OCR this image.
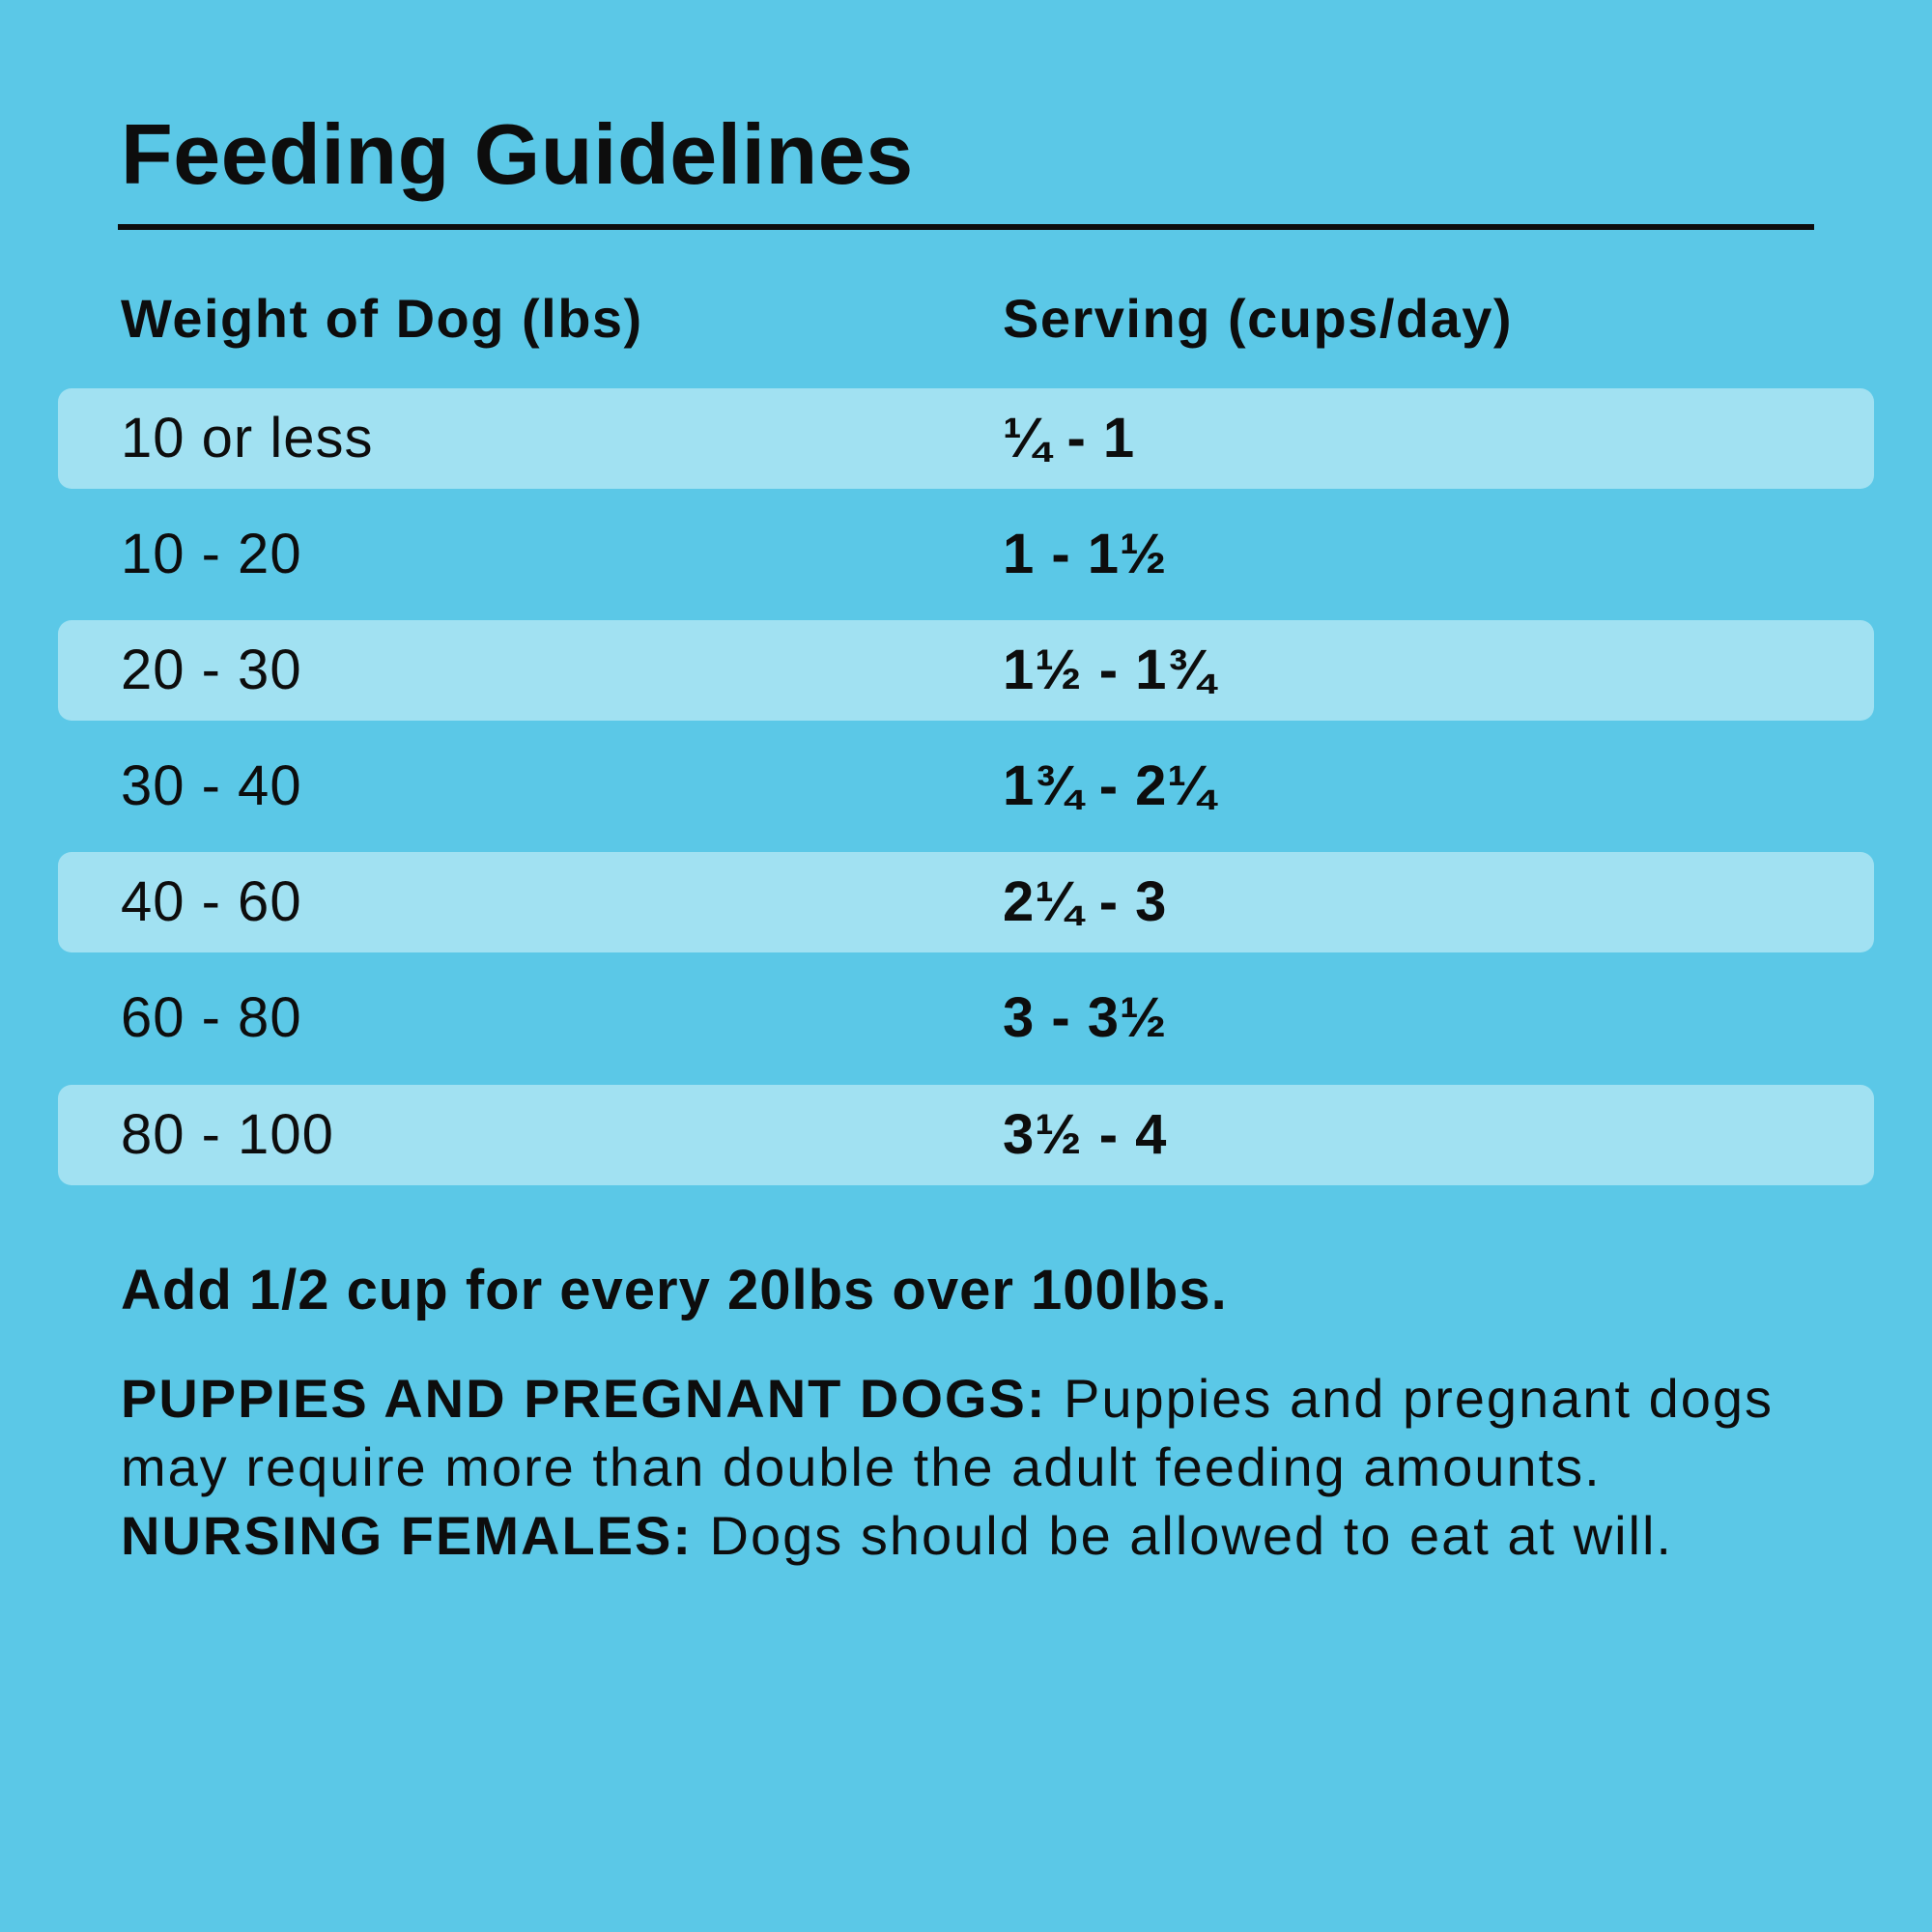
Feeding Guidelines
Weight of Dog (lbs)	Serving (cups/day)
10 or less	¼ - 1
10 - 20	1 - 1½
20 - 30	1½ - 1¾
30 - 40	1¾ - 2¼
40 - 60	2¼ - 3
60 - 80	3 - 3½
80 - 100	3½ - 4

Add 1/2 cup for every 20lbs over 100lbs.

PUPPIES AND PREGNANT DOGS: Puppies and pregnant dogs may require more than double the adult feeding amounts. NURSING FEMALES: Dogs should be allowed to eat at will.
